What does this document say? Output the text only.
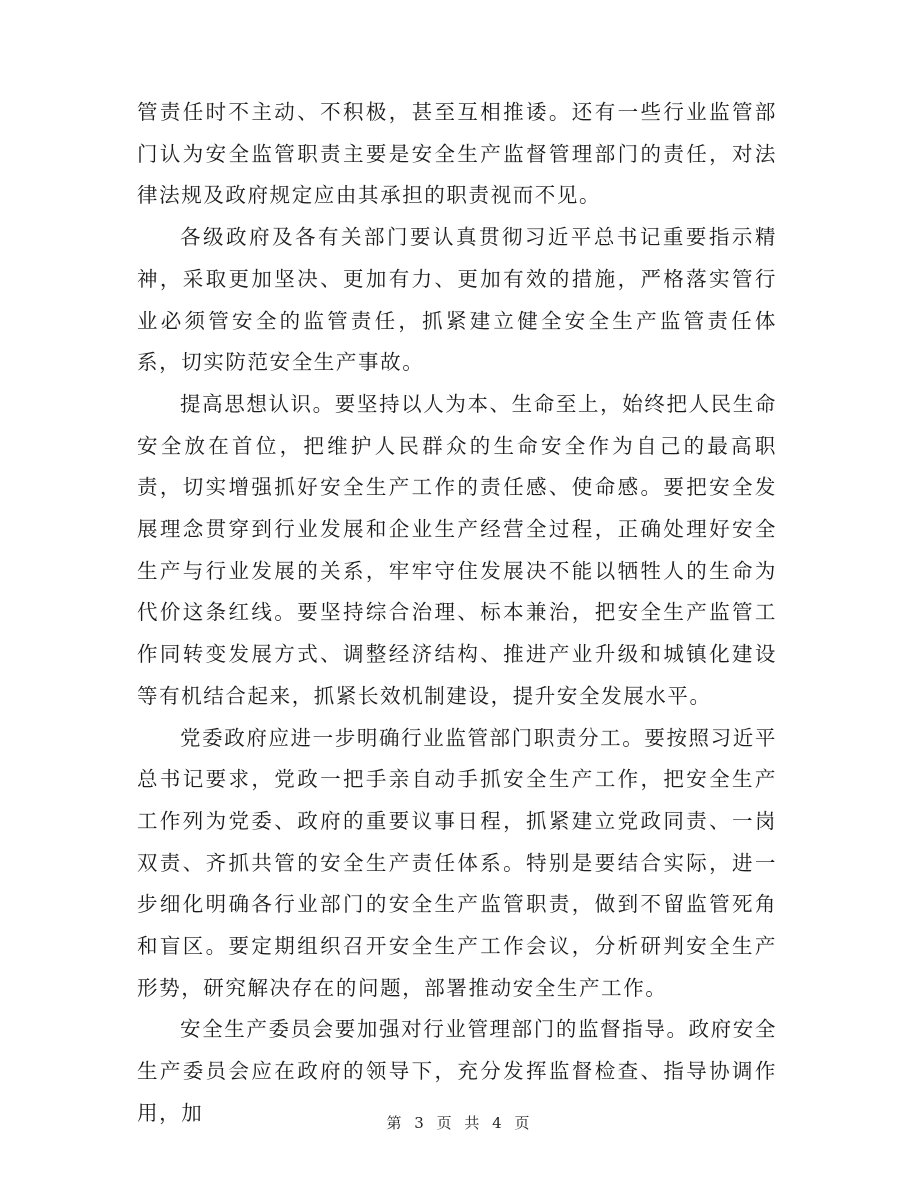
管责任时不主动、不积极，甚至互相推诿。还有一些行业监管部门认为安全监管职责主要是安全生产监督管理部门的责任，对法律法规及政府规定应由其承担的职责视而不见。

各级政府及各有关部门要认真贯彻习近平总书记重要指示精神，采取更加坚决、更加有力、更加有效的措施，严格落实管行业必须管安全的监管责任，抓紧建立健全安全生产监管责任体系，切实防范安全生产事故。

提高思想认识。要坚持以人为本、生命至上，始终把人民生命安全放在首位，把维护人民群众的生命安全作为自己的最高职责，切实增强抓好安全生产工作的责任感、使命感。要把安全发展理念贯穿到行业发展和企业生产经营全过程，正确处理好安全生产与行业发展的关系，牢牢守住发展决不能以牺牲人的生命为代价这条红线。要坚持综合治理、标本兼治，把安全生产监管工作同转变发展方式、调整经济结构、推进产业升级和城镇化建设等有机结合起来，抓紧长效机制建设，提升安全发展水平。

党委政府应进一步明确行业监管部门职责分工。要按照习近平总书记要求，党政一把手亲自动手抓安全生产工作，把安全生产工作列为党委、政府的重要议事日程，抓紧建立党政同责、一岗双责、齐抓共管的安全生产责任体系。特别是要结合实际，进一步细化明确各行业部门的安全生产监管职责，做到不留监管死角和盲区。要定期组织召开安全生产工作会议，分析研判安全生产形势，研究解决存在的问题，部署推动安全生产工作。

安全生产委员会要加强对行业管理部门的监督指导。政府安全生产委员会应在政府的领导下，充分发挥监督检查、指导协调作用，加	第 3 页 共 4 页
